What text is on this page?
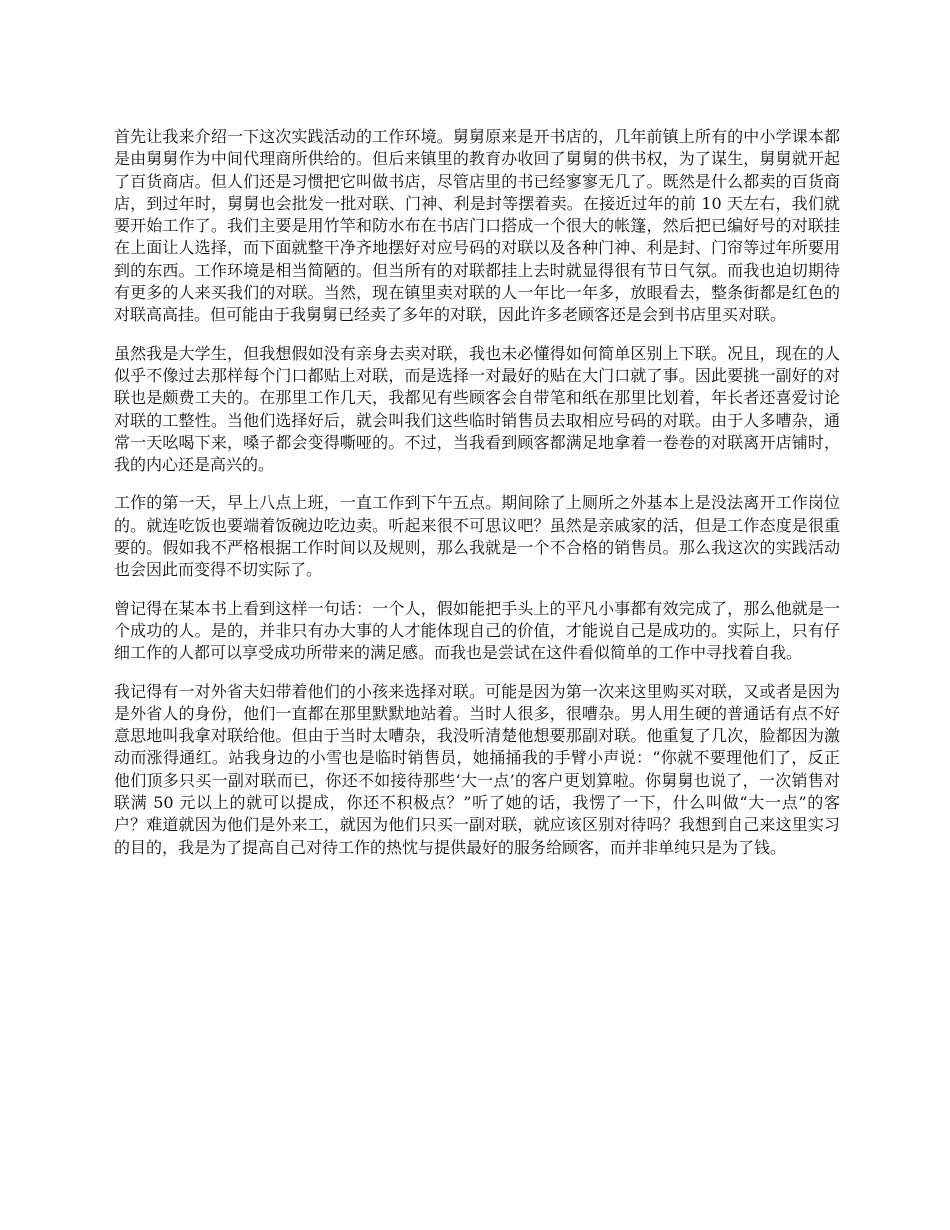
首先让我来介绍一下这次实践活动的工作环境。舅舅原来是开书店的，几年前镇上所有的中小学课本都是由舅舅作为中间代理商所供给的。但后来镇里的教育办收回了舅舅的供书权，为了谋生，舅舅就开起了百货商店。但人们还是习惯把它叫做书店，尽管店里的书已经寥寥无几了。既然是什么都卖的百货商店，到过年时，舅舅也会批发一批对联、门神、利是封等摆着卖。在接近过年的前 10 天左右，我们就要开始工作了。我们主要是用竹竿和防水布在书店门口搭成一个很大的帐篷，然后把已编好号的对联挂在上面让人选择，而下面就整干净齐地摆好对应号码的对联以及各种门神、利是封、门帘等过年所要用到的东西。工作环境是相当简陋的。但当所有的对联都挂上去时就显得很有节日气氛。而我也迫切期待有更多的人来买我们的对联。当然，现在镇里卖对联的人一年比一年多，放眼看去，整条街都是红色的对联高高挂。但可能由于我舅舅已经卖了多年的对联，因此许多老顾客还是会到书店里买对联。

虽然我是大学生，但我想假如没有亲身去卖对联，我也未必懂得如何简单区别上下联。况且，现在的人似乎不像过去那样每个门口都贴上对联，而是选择一对最好的贴在大门口就了事。因此要挑一副好的对联也是颇费工夫的。在那里工作几天，我都见有些顾客会自带笔和纸在那里比划着，年长者还喜爱讨论对联的工整性。当他们选择好后，就会叫我们这些临时销售员去取相应号码的对联。由于人多嘈杂，通常一天吆喝下来，嗓子都会变得嘶哑的。不过，当我看到顾客都满足地拿着一卷卷的对联离开店铺时，我的内心还是高兴的。

工作的第一天，早上八点上班，一直工作到下午五点。期间除了上厕所之外基本上是没法离开工作岗位的。就连吃饭也要端着饭碗边吃边卖。听起来很不可思议吧？虽然是亲戚家的活，但是工作态度是很重要的。假如我不严格根据工作时间以及规则，那么我就是一个不合格的销售员。那么我这次的实践活动也会因此而变得不切实际了。

曾记得在某本书上看到这样一句话：一个人，假如能把手头上的平凡小事都有效完成了，那么他就是一个成功的人。是的，并非只有办大事的人才能体现自己的价值，才能说自己是成功的。实际上，只有仔细工作的人都可以享受成功所带来的满足感。而我也是尝试在这件看似简单的工作中寻找着自我。

我记得有一对外省夫妇带着他们的小孩来选择对联。可能是因为第一次来这里购买对联，又或者是因为是外省人的身份，他们一直都在那里默默地站着。当时人很多，很嘈杂。男人用生硬的普通话有点不好意思地叫我拿对联给他。但由于当时太嘈杂，我没听清楚他想要那副对联。他重复了几次，脸都因为激动而涨得通红。站我身边的小雪也是临时销售员，她捅捅我的手臂小声说：“你就不要理他们了，反正他们顶多只买一副对联而已，你还不如接待那些‘大一点’的客户更划算啦。你舅舅也说了，一次销售对联满 50 元以上的就可以提成，你还不积极点？”听了她的话，我愣了一下，什么叫做“大一点”的客户？难道就因为他们是外来工，就因为他们只买一副对联，就应该区别对待吗？我想到自己来这里实习的目的，我是为了提高自己对待工作的热忱与提供最好的服务给顾客，而并非单纯只是为了钱。
